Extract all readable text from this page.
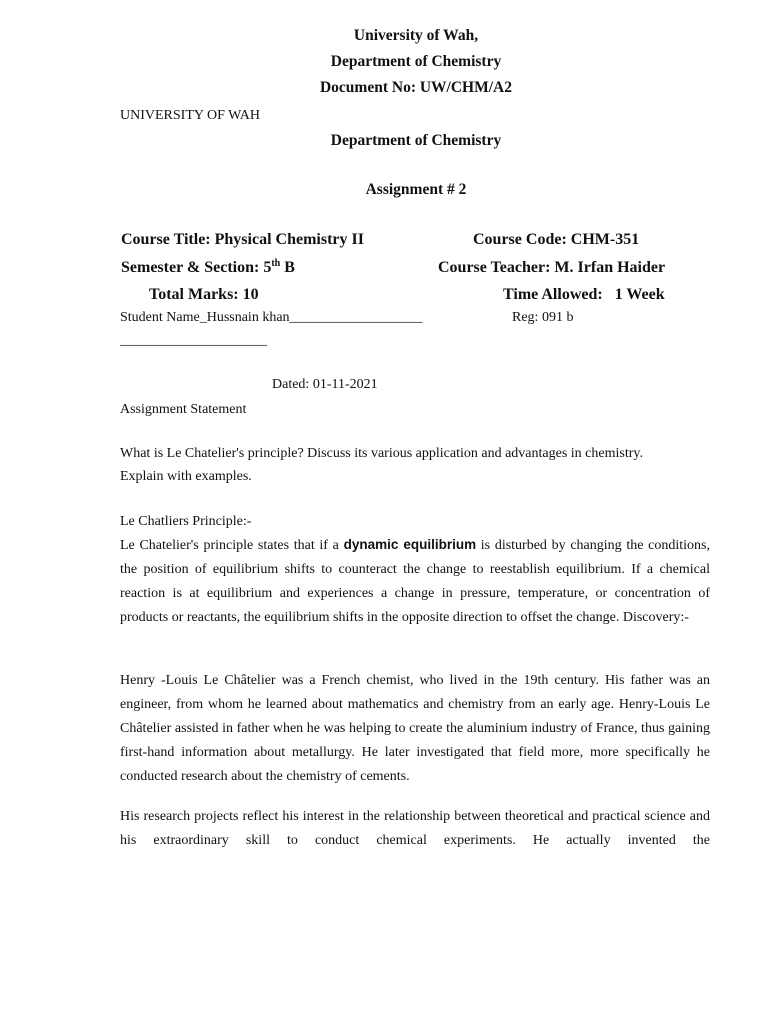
University of Wah,
Department of Chemistry
Document No: UW/CHM/A2
UNIVERSITY OF WAH
Department of Chemistry
Assignment # 2
Course Title: Physical Chemistry II	Course Code: CHM-351
Semester & Section: 5th B	Course Teacher: M. Irfan Haider
Total Marks: 10	Time Allowed:   1 Week
Student Name_Hussnain khan___________________	Reg: 091 b
_____________________
Dated: 01-11-2021
Assignment Statement
What is Le Chatelier's principle? Discuss its various application and advantages in chemistry.
Explain with examples.
Le Chatliers Principle:-
Le Chatelier's principle states that if a dynamic equilibrium is disturbed by changing the conditions, the position of equilibrium shifts to counteract the change to reestablish equilibrium. If a chemical reaction is at equilibrium and experiences a change in pressure, temperature, or concentration of products or reactants, the equilibrium shifts in the opposite direction to offset the change. Discovery:-
Henry -Louis Le Châtelier was a French chemist, who lived in the 19th century. His father was an engineer, from whom he learned about mathematics and chemistry from an early age. Henry-Louis Le Châtelier assisted in father when he was helping to create the aluminium industry of France, thus gaining first-hand information about metallurgy. He later investigated that field more, more specifically he conducted research about the chemistry of cements.
His research projects reflect his interest in the relationship between theoretical and practical science and his extraordinary skill to conduct chemical experiments. He actually invented the
